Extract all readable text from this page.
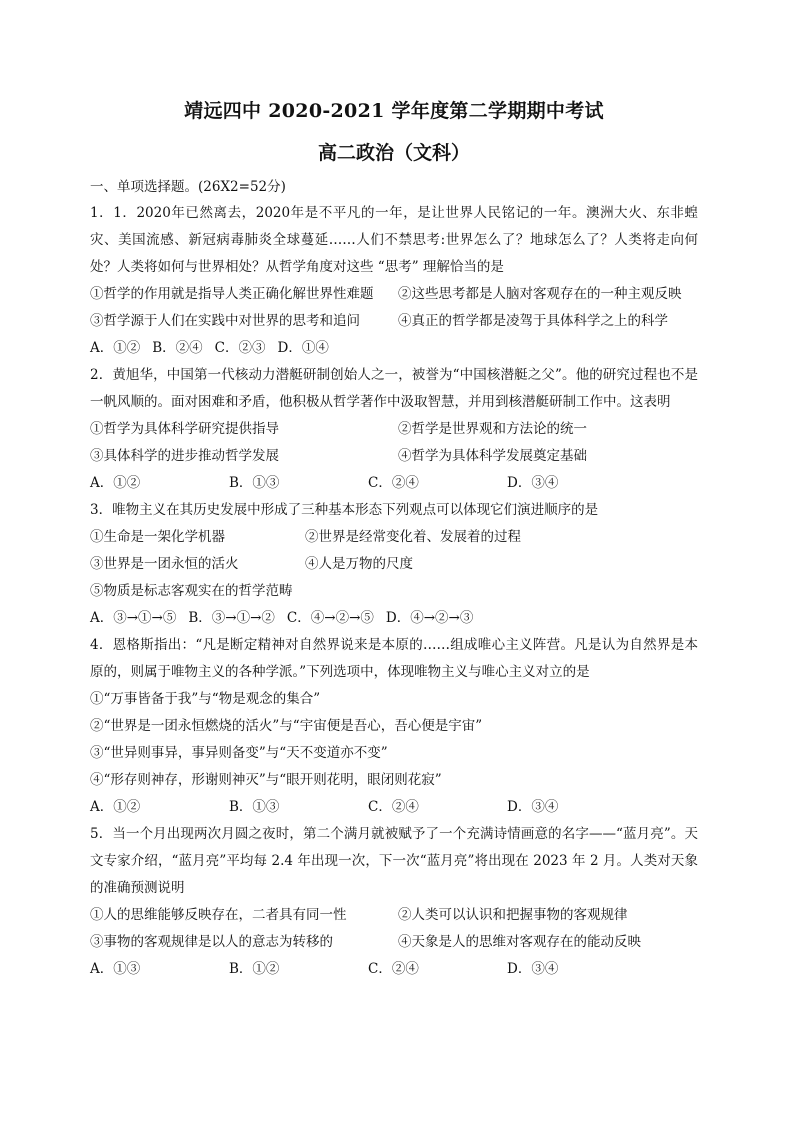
靖远四中 2020-2021 学年度第二学期期中考试
高二政治（文科）
一、单项选择题。(26X2=52分)
1．1．2020年已然离去，2020年是不平凡的一年，是让世界人民铭记的一年。澳洲大火、东非蝗灾、美国流感、新冠病毒肺炎全球蔓延……人们不禁思考:世界怎么了？地球怎么了？人类将走向何处？人类将如何与世界相处？从哲学角度对这些 “思考” 理解恰当的是
①哲学的作用就是指导人类正确化解世界性难题	②这些思考都是人脑对客观存在的一种主观反映
③哲学源于人们在实践中对世界的思考和追问	④真正的哲学都是凌驾于具体科学之上的科学
A．①② B．②④ C．②③ D．①④
2．黄旭华，中国第一代核动力潜艇研制创始人之一，被誉为“中国核潜艇之父”。他的研究过程也不是一帆风顺的。面对困难和矛盾，他积极从哲学著作中汲取智慧，并用到核潜艇研制工作中。这表明
①哲学为具体科学研究提供指导	②哲学是世界观和方法论的统一
③具体科学的进步推动哲学发展	④哲学为具体科学发展奠定基础
A．①②	B．①③	C．②④	D．③④
3．唯物主义在其历史发展中形成了三种基本形态下列观点可以体现它们演进顺序的是
①生命是一架化学机器	②世界是经常变化着、发展着的过程
③世界是一团永恒的活火	④人是万物的尺度
⑤物质是标志客观实在的哲学范畴
A．③→①→⑤ B．③→①→② C．④→②→⑤ D．④→②→③
4．恩格斯指出：“凡是断定精神对自然界说来是本原的……组成唯心主义阵营。凡是认为自然界是本原的，则属于唯物主义的各种学派。”下列选项中，体现唯物主义与唯心主义对立的是
①“万事皆备于我”与“物是观念的集合”
②“世界是一团永恒燃烧的活火”与“宇宙便是吾心，吾心便是宇宙”
③“世异则事异，事异则备变”与“天不变道亦不变”
④“形存则神存，形谢则神灭”与“眼开则花明，眼闭则花寂”
A．①②	B．①③	C．②④	D．③④
5．当一个月出现两次月圆之夜时，第二个满月就被赋予了一个充满诗情画意的名字——“蓝月亮”。天文专家介绍，“蓝月亮”平均每 2.4 年出现一次，下一次“蓝月亮”将出现在 2023 年 2 月。人类对天象的准确预测说明
①人的思维能够反映存在，二者具有同一性	②人类可以认识和把握事物的客观规律
③事物的客观规律是以人的意志为转移的	④天象是人的思维对客观存在的能动反映
A．①③	B．①②	C．②④	D．③④
